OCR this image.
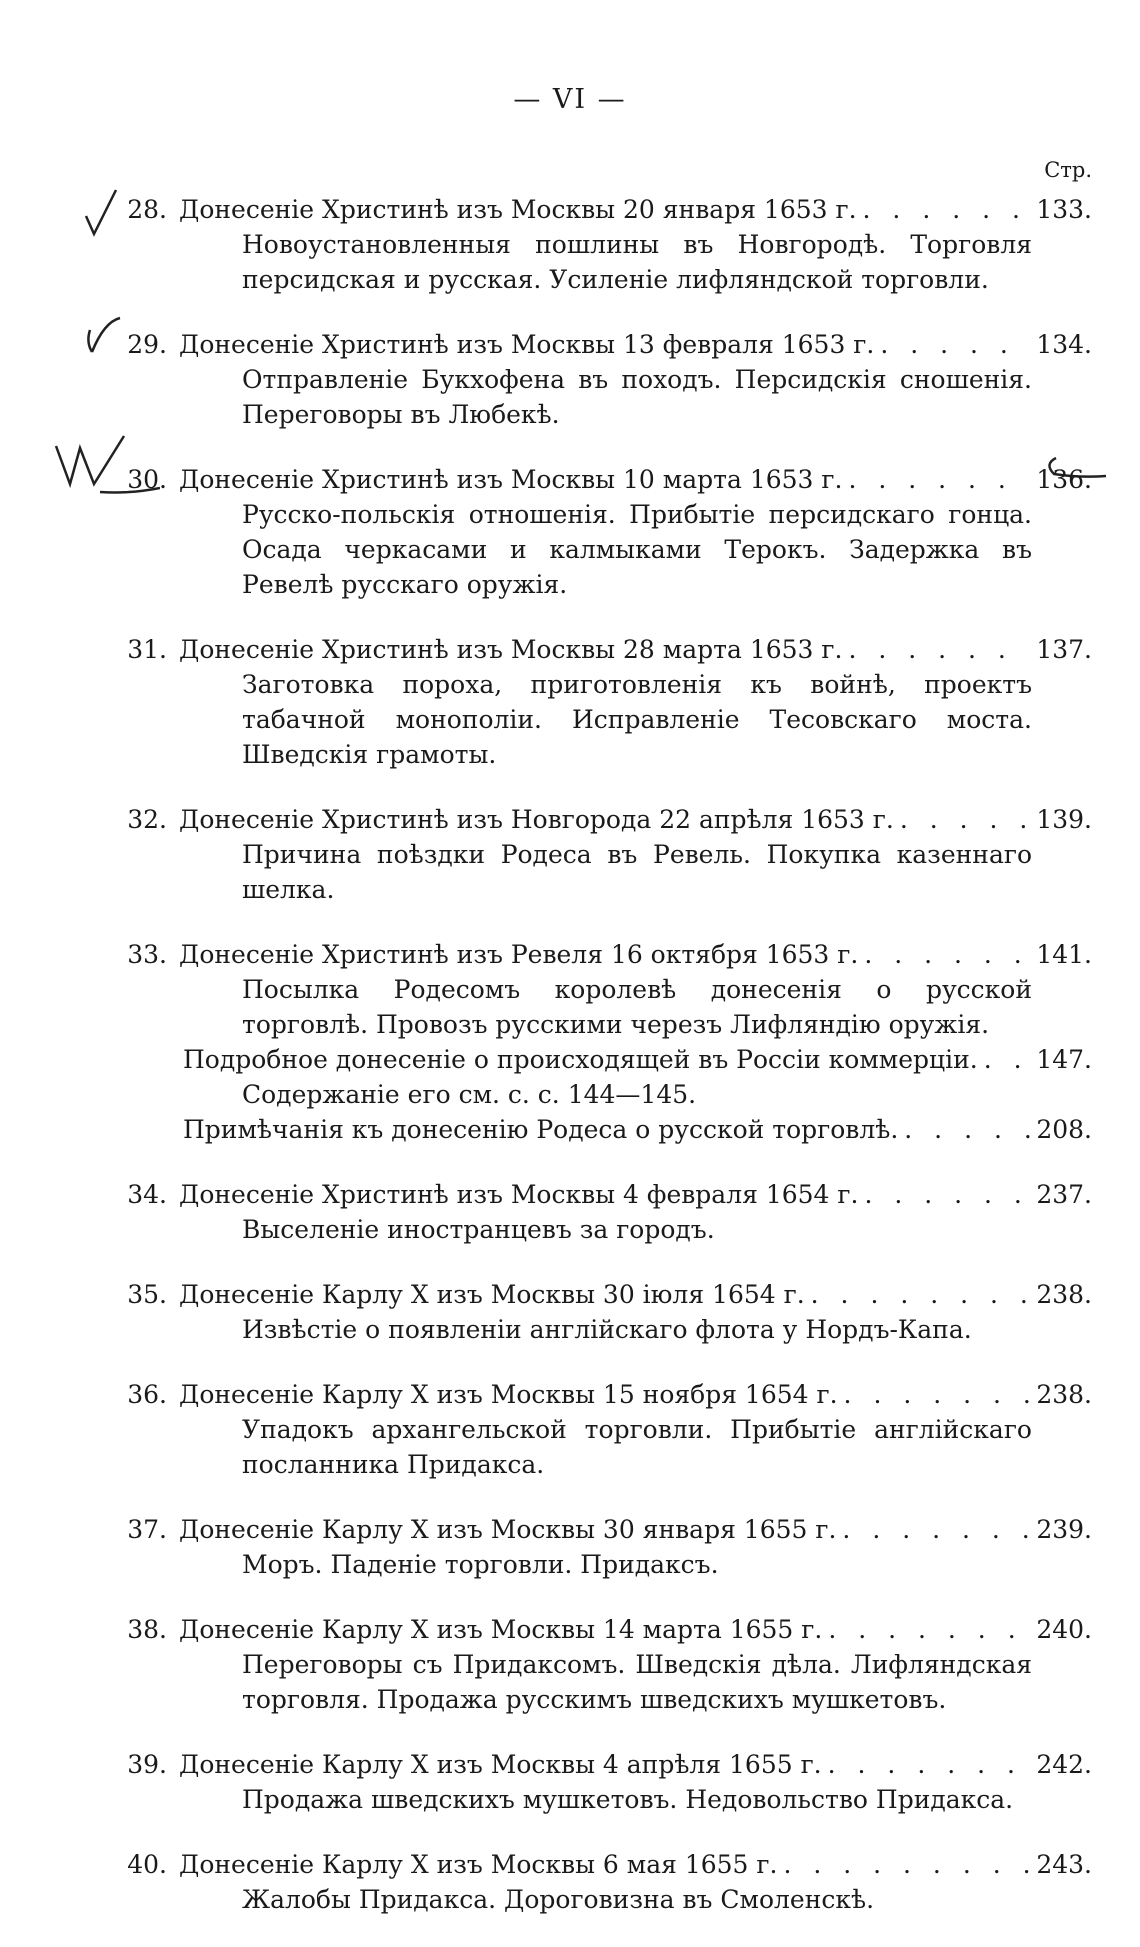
— VI —
Стр.
28. Донесеніе Христинѣ изъ Москвы 20 января 1653 г. . . .	133.
Новоустановленныя пошлины въ Новгородѣ. Торговля персидская и русская. Усиленіе лифляндской торговли.
29. Донесеніе Христинѣ изъ Москвы 13 февраля 1653 г. . . .	134.
Отправленіе Букхофена въ походъ. Персидскія сношенія. Переговоры въ Любекѣ.
30. Донесеніе Христинѣ изъ Москвы 10 марта 1653 г. . . .	136.
Русско-польскія отношенія. Прибытіе персидскаго гонца. Осада черкасами и калмыками Терокъ. Задержка въ Ревелѣ русскаго оружія.
31. Донесеніе Христинѣ изъ Москвы 28 марта 1653 г. . . .	137.
Заготовка пороха, приготовленія къ войнѣ, проектъ табачной монополіи. Исправленіе Тесовскаго моста. Шведскія грамоты.
32. Донесеніе Христинѣ изъ Новгорода 22 апрѣля 1653 г. . . .	139.
Причина поѣздки Родеса въ Ревель. Покупка казеннаго шелка.
33. Донесеніе Христинѣ изъ Ревеля 16 октября 1653 г. . . .	141.
Посылка Родесомъ королевѣ донесенія о русской торговлѣ. Провозъ русскими черезъ Лифляндію оружія.
Подробное донесеніе о происходящей въ Россіи коммерціи. . . . 147.
Содержаніе его см. с. с. 144—145.
Примѣчанія къ донесенію Родеса о русской торговлѣ. . . .	208.
34. Донесеніе Христинѣ изъ Москвы 4 февраля 1654 г. . . .	237.
Выселеніе иностранцевъ за городъ.
35. Донесеніе Карлу X изъ Москвы 30 іюля 1654 г. . . .	238.
Извѣстіе о появленіи англійскаго флота у Нордъ-Капа.
36. Донесеніе Карлу X изъ Москвы 15 ноября 1654 г. . . .	238.
Упадокъ архангельской торговли. Прибытіе англійскаго посланника Придакса.
37. Донесеніе Карлу X изъ Москвы 30 января 1655 г. . . .	239.
Моръ. Паденіе торговли. Придаксъ.
38. Донесеніе Карлу X изъ Москвы 14 марта 1655 г. . . .	240.
Переговоры съ Придаксомъ. Шведскія дѣла. Лифляндская торговля. Продажа русскимъ шведскихъ мушкетовъ.
39. Донесеніе Карлу X изъ Москвы 4 апрѣля 1655 г. . . .	242.
Продажа шведскихъ мушкетовъ. Недовольство Придакса.
40. Донесеніе Карлу X изъ Москвы 6 мая 1655 г. . . .	243.
Жалобы Придакса. Дороговизна въ Смоленскѣ.
